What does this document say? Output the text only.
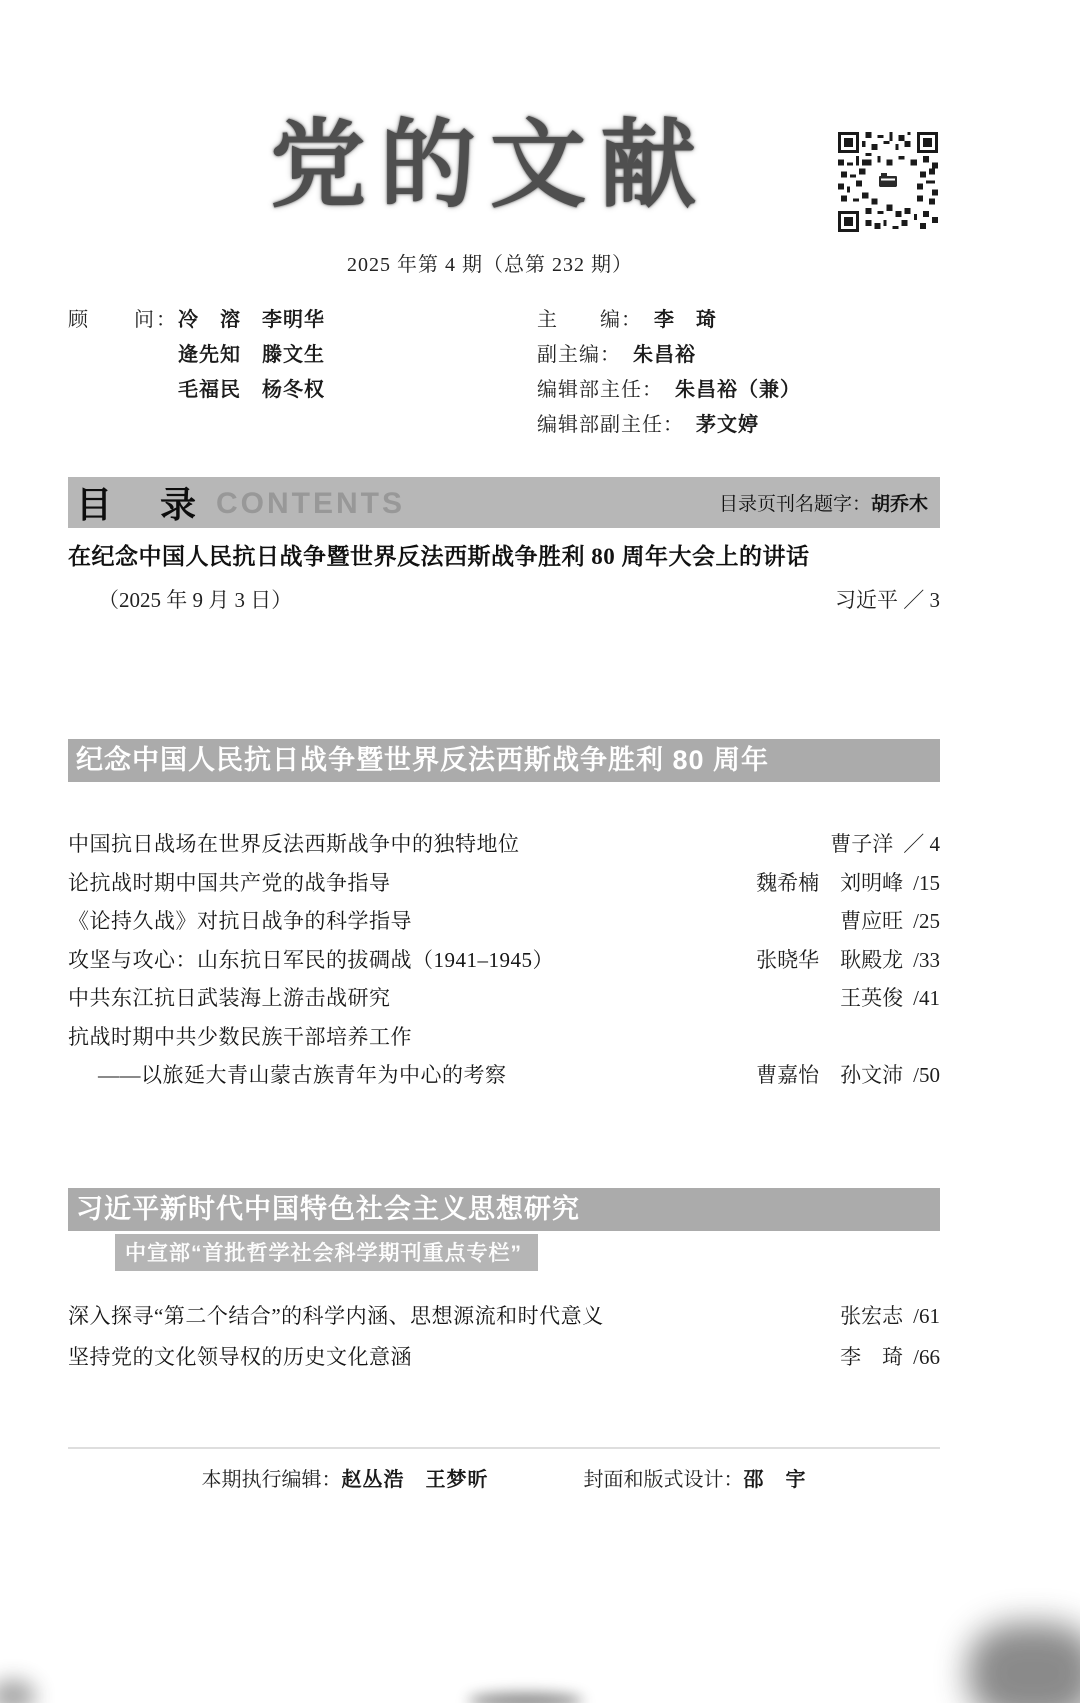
党的文献
2025 年第 4 期（总第 232 期）
顾　　问： 冷　溶　李明华
逄先知　滕文生
毛福民　杨冬权
主　　编： 李　琦
副主编： 朱昌裕
编辑部主任： 朱昌裕（兼）
编辑部副主任： 茅文婷
目　录 CONTENTS	目录页刊名题字：胡乔木
在纪念中国人民抗日战争暨世界反法西斯战争胜利 80 周年大会上的讲话
（2025 年 9 月 3 日）	习近平 ／ 3
纪念中国人民抗日战争暨世界反法西斯战争胜利 80 周年
中国抗日战场在世界反法西斯战争中的独特地位	曹子洋 ／ 4
论抗战时期中国共产党的战争指导	魏希楠　刘明峰 /15
《论持久战》对抗日战争的科学指导	曹应旺 /25
攻坚与攻心：山东抗日军民的拔碉战（1941–1945）	张晓华　耿殿龙 /33
中共东江抗日武装海上游击战研究	王英俊 /41
抗战时期中共少数民族干部培养工作
——以旅延大青山蒙古族青年为中心的考察	曹嘉怡　孙文沛 /50
习近平新时代中国特色社会主义思想研究
中宣部“首批哲学社会科学期刊重点专栏”
深入探寻“第二个结合”的科学内涵、思想源流和时代意义	张宏志 /61
坚持党的文化领导权的历史文化意涵	李　琦 /66
本期执行编辑：赵丛浩　王梦昕	封面和版式设计：邵　宇
